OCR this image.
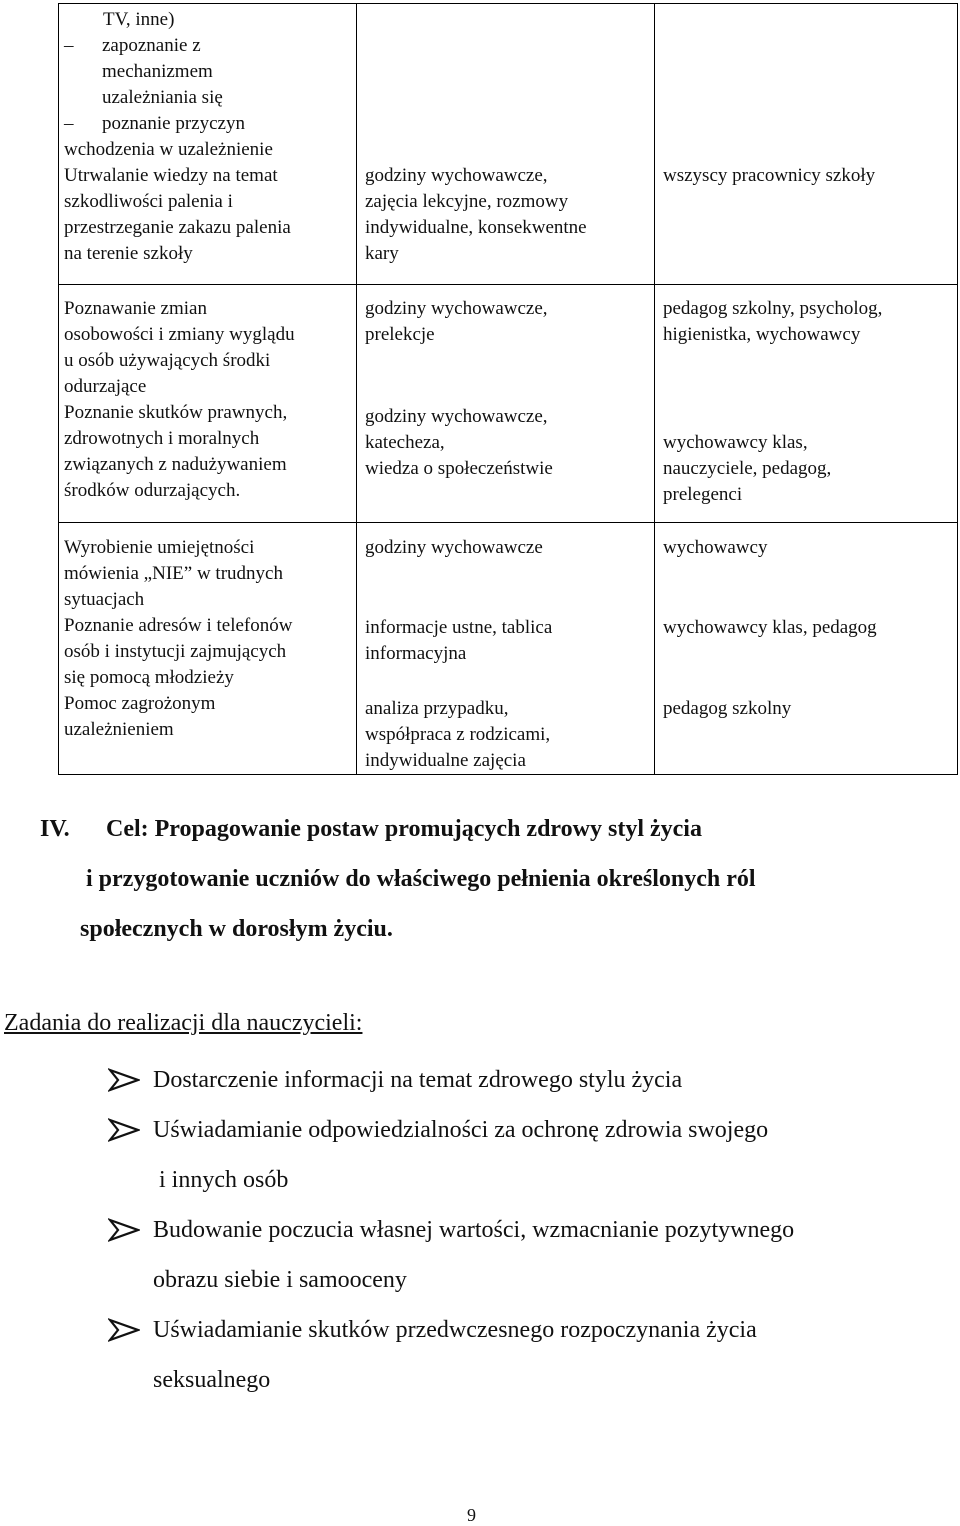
TV, inne)
–zapoznanie z
mechanizmem
uzależniania się
–poznanie przyczyn
wchodzenia w uzależnienie
Utrwalanie wiedzy na temat
szkodliwości palenia i
przestrzeganie zakazu palenia
na terenie szkoły
godziny wychowawcze,
zajęcia lekcyjne, rozmowy
indywidualne, konsekwentne
kary
wszyscy pracownicy szkoły
Poznawanie zmian
osobowości i zmiany wyglądu
u osób używających środki
odurzające
Poznanie skutków prawnych,
zdrowotnych i moralnych
związanych z nadużywaniem
środków odurzających.
godziny wychowawcze,
prelekcje
godziny wychowawcze,
katecheza,
wiedza o społeczeństwie
pedagog szkolny, psycholog,
higienistka, wychowawcy
wychowawcy klas,
nauczyciele, pedagog,
prelegenci
Wyrobienie umiejętności
mówienia „NIE” w trudnych
sytuacjach
Poznanie adresów i telefonów
osób i instytucji zajmujących
się pomocą młodzieży
Pomoc zagrożonym
uzależnieniem
godziny wychowawcze
informacje ustne, tablica
informacyjna
analiza przypadku,
współpraca z rodzicami,
indywidualne zajęcia
wychowawcy
wychowawcy klas, pedagog
pedagog szkolny
IV. Cel: Propagowanie postaw promujących zdrowy styl życia
i przygotowanie uczniów do właściwego pełnienia określonych ról
społecznych w dorosłym życiu.
Zadania do realizacji dla nauczycieli:
Dostarczenie informacji na temat zdrowego stylu życia
Uświadamianie odpowiedzialności za ochronę zdrowia swojego
i innych osób
Budowanie poczucia własnej wartości, wzmacnianie pozytywnego
obrazu siebie i samooceny
Uświadamianie skutków przedwczesnego rozpoczynania życia
seksualnego
9
